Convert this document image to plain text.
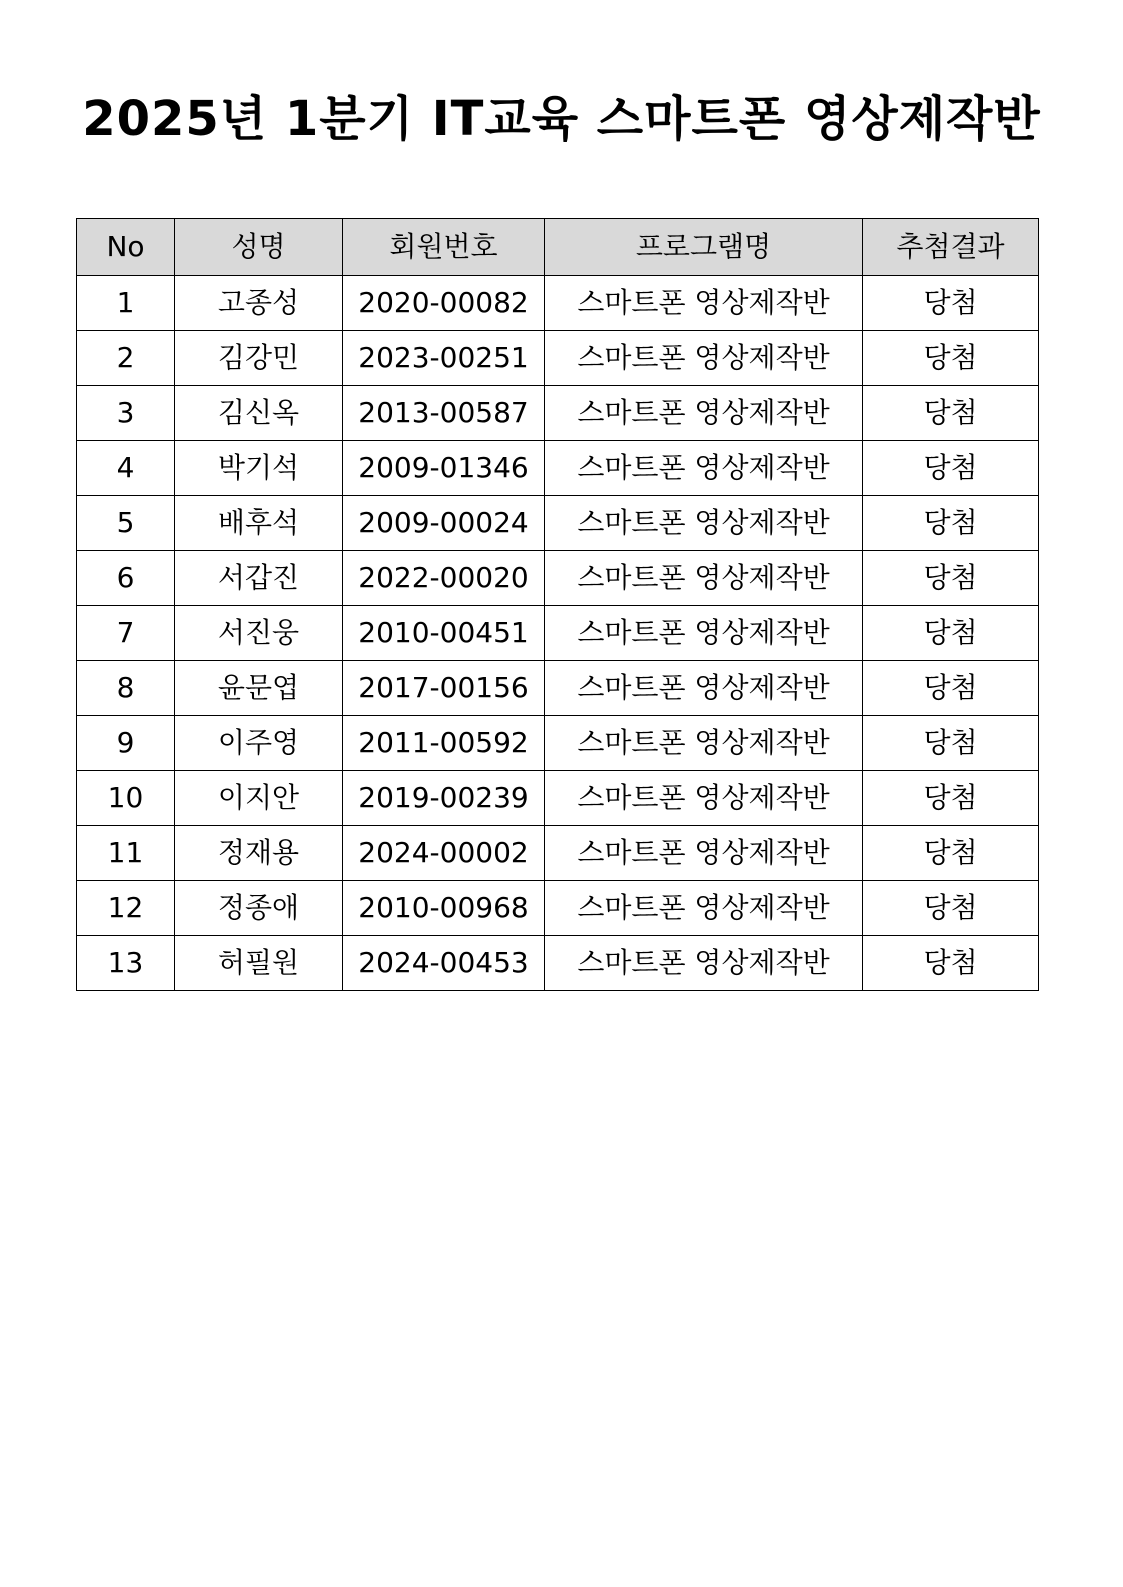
2025년 1분기 IT교육 스마트폰 영상제작반
No	성명	회원번호	프로그램명	추첨결과
1	고종성	2020-00082	스마트폰 영상제작반	당첨
2	김강민	2023-00251	스마트폰 영상제작반	당첨
3	김신옥	2013-00587	스마트폰 영상제작반	당첨
4	박기석	2009-01346	스마트폰 영상제작반	당첨
5	배후석	2009-00024	스마트폰 영상제작반	당첨
6	서갑진	2022-00020	스마트폰 영상제작반	당첨
7	서진웅	2010-00451	스마트폰 영상제작반	당첨
8	윤문엽	2017-00156	스마트폰 영상제작반	당첨
9	이주영	2011-00592	스마트폰 영상제작반	당첨
10	이지안	2019-00239	스마트폰 영상제작반	당첨
11	정재용	2024-00002	스마트폰 영상제작반	당첨
12	정종애	2010-00968	스마트폰 영상제작반	당첨
13	허필원	2024-00453	스마트폰 영상제작반	당첨
